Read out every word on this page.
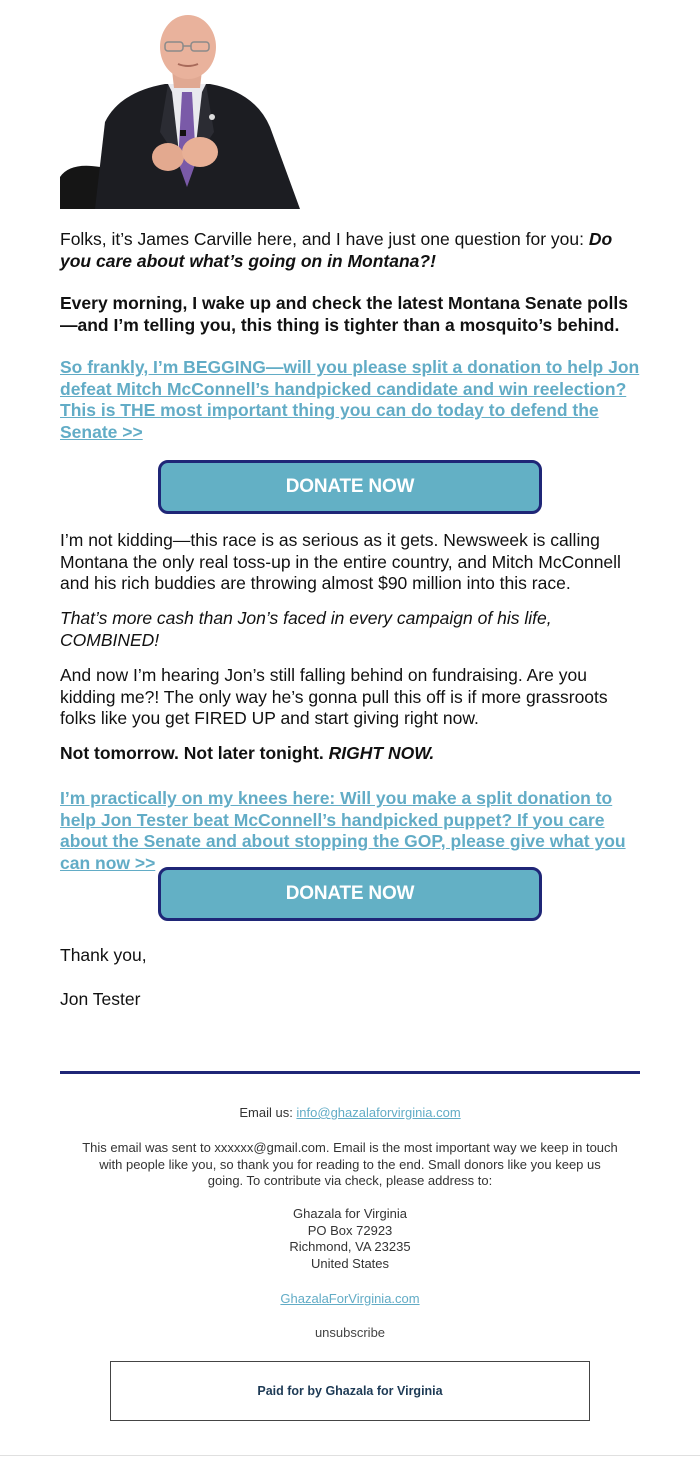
Folks, it’s James Carville here, and I have just one question for you: Do you care about what’s going on in Montana?!

Every morning, I wake up and check the latest Montana Senate polls—and I’m telling you, this thing is tighter than a mosquito’s behind.

So frankly, I’m BEGGING—will you please split a donation to help Jon defeat Mitch McConnell’s handpicked candidate and win reelection? This is THE most important thing you can do today to defend the Senate >>

DONATE NOW

I’m not kidding—this race is as serious as it gets. Newsweek is calling Montana the only real toss-up in the entire country, and Mitch McConnell and his rich buddies are throwing almost $90 million into this race.

That’s more cash than Jon’s faced in every campaign of his life, COMBINED!

And now I’m hearing Jon’s still falling behind on fundraising. Are you kidding me?! The only way he’s gonna pull this off is if more grassroots folks like you get FIRED UP and start giving right now.

Not tomorrow. Not later tonight. RIGHT NOW.

I’m practically on my knees here: Will you make a split donation to help Jon Tester beat McConnell’s handpicked puppet? If you care about the Senate and about stopping the GOP, please give what you can now >>

DONATE NOW

Thank you,

Jon Tester

Email us: info@ghazalaforvirginia.com
This email was sent to xxxxxx@gmail.com. Email is the most important way we keep in touch with people like you, so thank you for reading to the end. Small donors like you keep us going. To contribute via check, please address to:
Ghazala for Virginia
PO Box 72923
Richmond, VA 23235
United States
GhazalaForVirginia.com
unsubscribe
Paid for by Ghazala for Virginia
